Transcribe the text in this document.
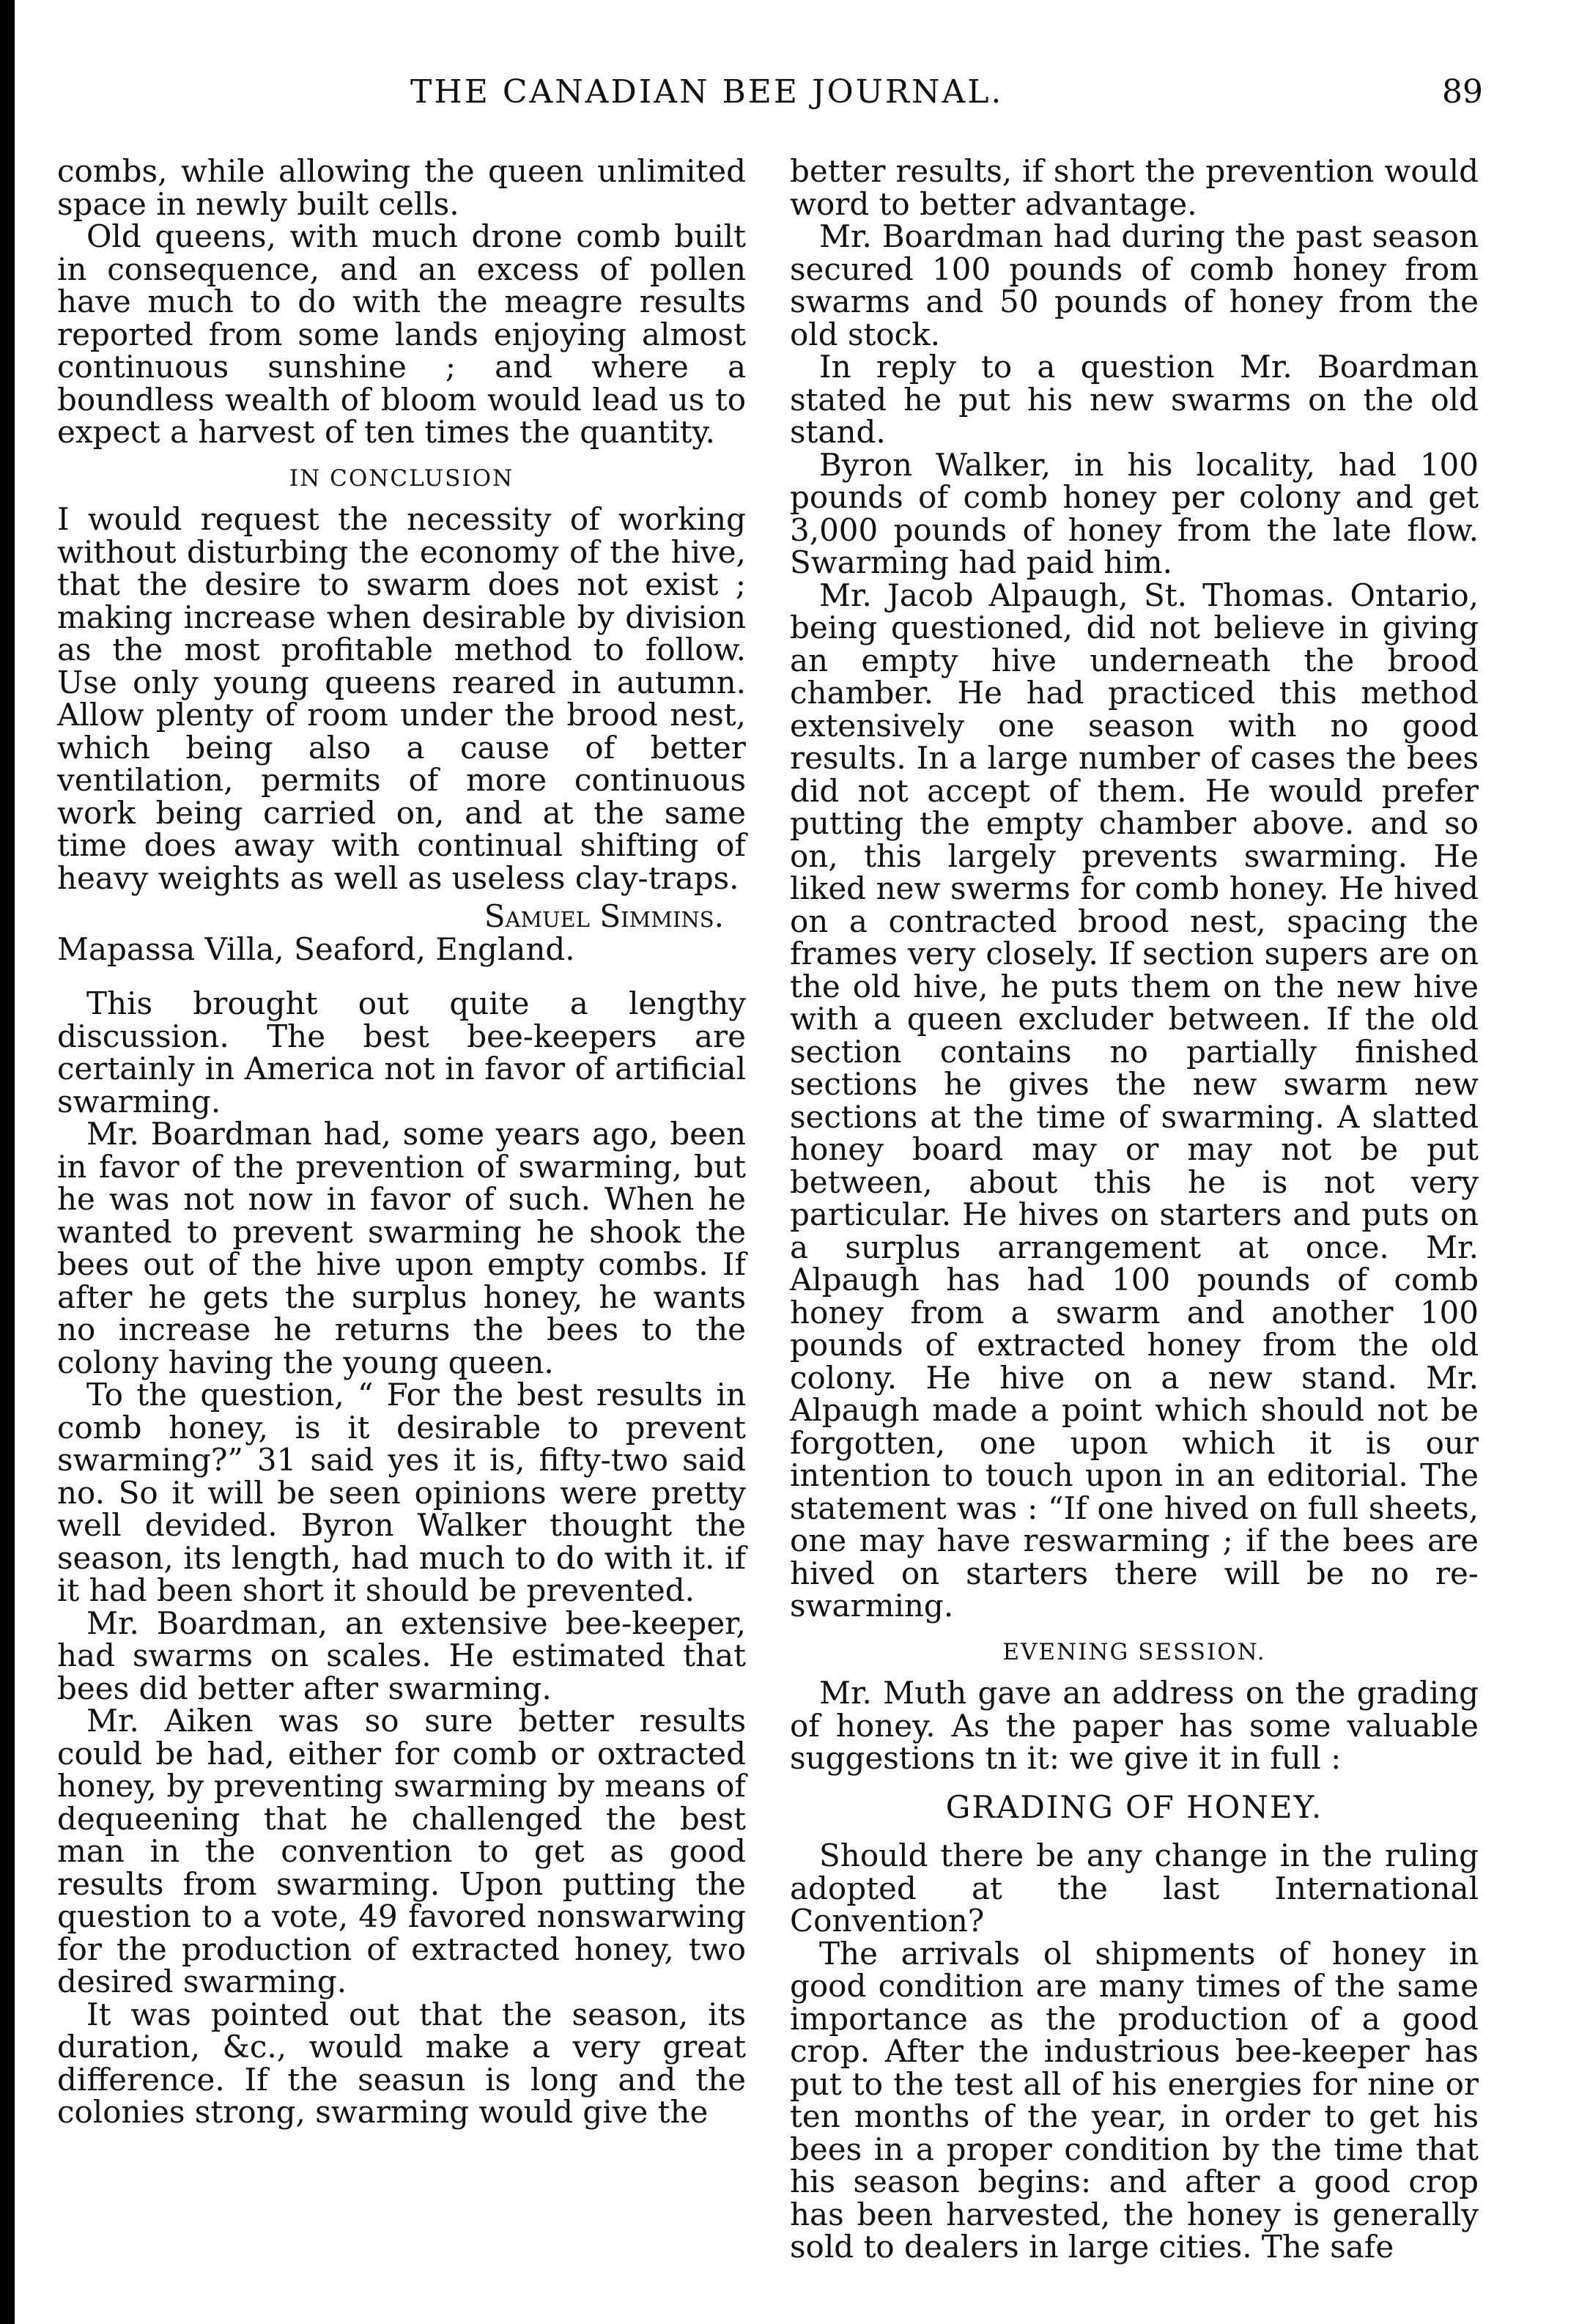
THE CANADIAN BEE JOURNAL.	89

combs, while allowing the queen unlimited space in newly built cells.

Old queens, with much drone comb built in consequence, and an excess of pollen have much to do with the meagre results reported from some lands enjoying almost continuous sunshine ; and where a boundless wealth of bloom would lead us to expect a harvest of ten times the quantity.

IN CONCLUSION

I would request the necessity of working without disturbing the economy of the hive, that the desire to swarm does not exist ; making increase when desirable by division as the most profitable method to follow. Use only young queens reared in autumn. Allow plenty of room under the brood nest, which being also a cause of better ventilation, permits of more continuous work being carried on, and at the same time does away with continual shifting of heavy weights as well as useless clay-traps.

Samuel Simmins.

Mapassa Villa, Seaford, England.

This brought out quite a lengthy discussion. The best bee-keepers are certainly in America not in favor of artificial swarming.

Mr. Boardman had, some years ago, been in favor of the prevention of swarming, but he was not now in favor of such. When he wanted to prevent swarming he shook the bees out of the hive upon empty combs. If after he gets the surplus honey, he wants no increase he returns the bees to the colony having the young queen.

To the question, “ For the best results in comb honey, is it desirable to prevent swarming?” 31 said yes it is, fifty-two said no. So it will be seen opinions were pretty well devided. Byron Walker thought the season, its length, had much to do with it. if it had been short it should be prevented.

Mr. Boardman, an extensive bee-keeper, had swarms on scales. He estimated that bees did better after swarming.

Mr. Aiken was so sure better results could be had, either for comb or oxtracted honey, by preventing swarming by means of dequeening that he challenged the best man in the convention to get as good results from swarming. Upon putting the question to a vote, 49 favored nonswarwing for the production of extracted honey, two desired swarming.

It was pointed out that the season, its duration, &c., would make a very great difference. If the seasun is long and the colonies strong, swarming would give the

better results, if short the prevention would word to better advantage.

Mr. Boardman had during the past season secured 100 pounds of comb honey from swarms and 50 pounds of honey from the old stock.

In reply to a question Mr. Boardman stated he put his new swarms on the old stand.

Byron Walker, in his locality, had 100 pounds of comb honey per colony and get 3,000 pounds of honey from the late flow. Swarming had paid him.

Mr. Jacob Alpaugh, St. Thomas. Ontario, being questioned, did not believe in giving an empty hive underneath the brood chamber. He had practiced this method extensively one season with no good results. In a large number of cases the bees did not accept of them. He would prefer putting the empty chamber above. and so on, this largely prevents swarming. He liked new swerms for comb honey. He hived on a contracted brood nest, spacing the frames very closely. If section supers are on the old hive, he puts them on the new hive with a queen excluder between. If the old section contains no partially finished sections he gives the new swarm new sections at the time of swarming. A slatted honey board may or may not be put between, about this he is not very particular. He hives on starters and puts on a surplus arrangement at once. Mr. Alpaugh has had 100 pounds of comb honey from a swarm and another 100 pounds of extracted honey from the old colony. He hive on a new stand. Mr. Alpaugh made a point which should not be forgotten, one upon which it is our intention to touch upon in an editorial. The statement was : “If one hived on full sheets, one may have reswarming ; if the bees are hived on starters there will be no re-swarming.

EVENING SESSION.

Mr. Muth gave an address on the grading of honey. As the paper has some valuable suggestions tn it: we give it in full :

GRADING OF HONEY.

Should there be any change in the ruling adopted at the last International Convention?

The arrivals ol shipments of honey in good condition are many times of the same importance as the production of a good crop. After the industrious bee-keeper has put to the test all of his energies for nine or ten months of the year, in order to get his bees in a proper condition by the time that his season begins: and after a good crop has been harvested, the honey is generally sold to dealers in large cities. The safe
